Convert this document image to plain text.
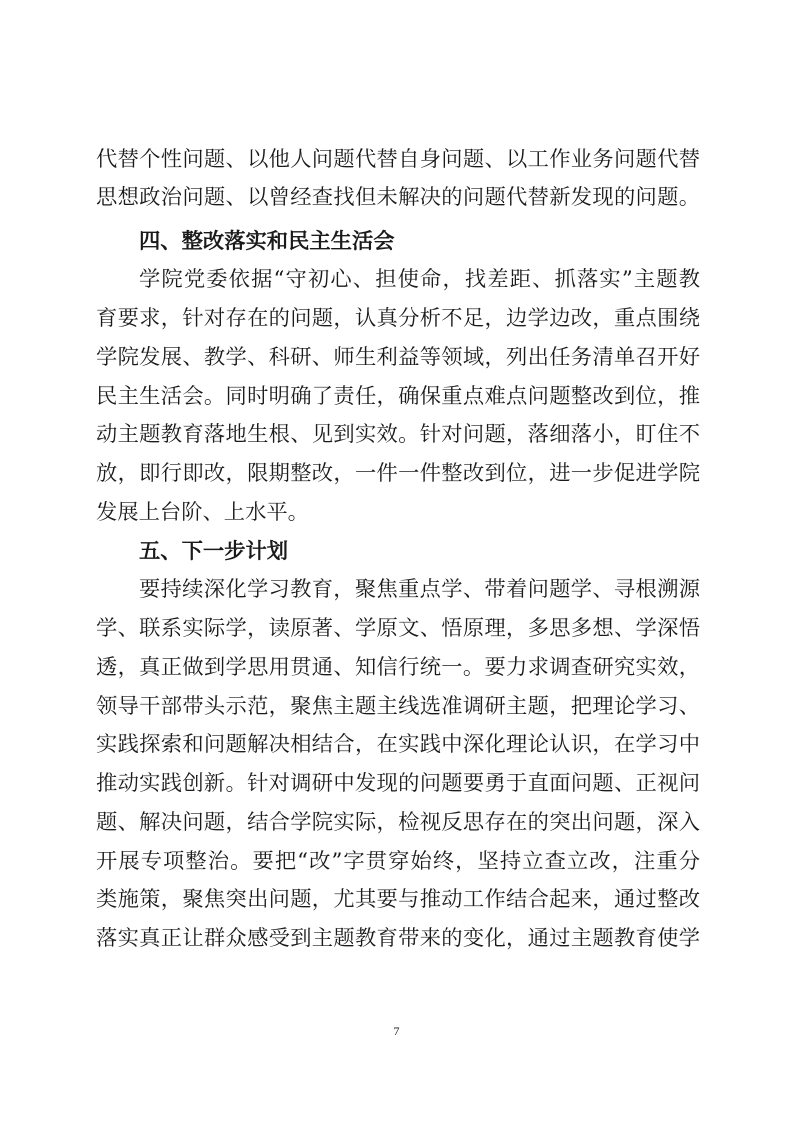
代替个性问题、以他人问题代替自身问题、以工作业务问题代替
思想政治问题、以曾经查找但未解决的问题代替新发现的问题。
四、整改落实和民主生活会
学院党委依据“守初心、担使命，找差距、抓落实”主题教
育要求，针对存在的问题，认真分析不足，边学边改，重点围绕
学院发展、教学、科研、师生利益等领域，列出任务清单召开好
民主生活会。同时明确了责任，确保重点难点问题整改到位，推
动主题教育落地生根、见到实效。针对问题，落细落小，盯住不
放，即行即改，限期整改，一件一件整改到位，进一步促进学院
发展上台阶、上水平。
五、下一步计划
要持续深化学习教育，聚焦重点学、带着问题学、寻根溯源
学、联系实际学，读原著、学原文、悟原理，多思多想、学深悟
透，真正做到学思用贯通、知信行统一。要力求调查研究实效，
领导干部带头示范，聚焦主题主线选准调研主题，把理论学习、
实践探索和问题解决相结合，在实践中深化理论认识，在学习中
推动实践创新。针对调研中发现的问题要勇于直面问题、正视问
题、解决问题，结合学院实际，检视反思存在的突出问题，深入
开展专项整治。要把“改”字贯穿始终，坚持立查立改，注重分
类施策，聚焦突出问题，尤其要与推动工作结合起来，通过整改
落实真正让群众感受到主题教育带来的变化，通过主题教育使学
7
